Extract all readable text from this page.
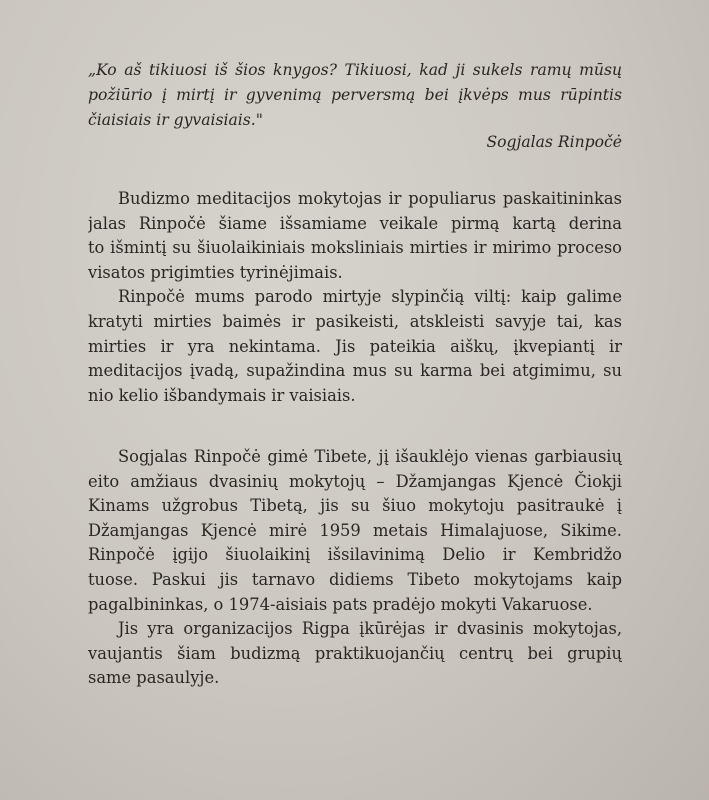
„Ko aš tikiuosi iš šios knygos? Tikiuosi, kad ji sukels ramų mūsų
požiūrio į mirtį ir gyvenimą perversmą bei įkvėps mus rūpintis
čiaisiais ir gyvaisiais."
Sogjalas Rinpočė
Budizmo meditacijos mokytojas ir populiarus paskaitininkas
jalas Rinpočė šiame išsamiame veikale pirmą kartą derina
to išmintį su šiuolaikiniais moksliniais mirties ir mirimo proceso
visatos prigimties tyrinėjimais.
Rinpočė mums parodo mirtyje slypinčią viltį: kaip galime
kratyti mirties baimės ir pasikeisti, atskleisti savyje tai, kas
mirties ir yra nekintama. Jis pateikia aiškų, įkvepiantį ir
meditacijos įvadą, supažindina mus su karma bei atgimimu, su
nio kelio išbandymais ir vaisiais.
Sogjalas Rinpočė gimė Tibete, jį išauklėjo vienas garbiausių
eito amžiaus dvasinių mokytojų – Džamjangas Kjencė Čiokji
Kinams užgrobus Tibetą, jis su šiuo mokytoju pasitraukė į
Džamjangas Kjencė mirė 1959 metais Himalajuose, Sikime.
Rinpočė įgijo šiuolaikinį išsilavinimą Delio ir Kembridžo
tuose. Paskui jis tarnavo didiems Tibeto mokytojams kaip
pagalbininkas, o 1974-aisiais pats pradėjo mokyti Vakaruose.
Jis yra organizacijos Rigpa įkūrėjas ir dvasinis mokytojas,
vaujantis šiam budizmą praktikuojančių centrų bei grupių
same pasaulyje.
